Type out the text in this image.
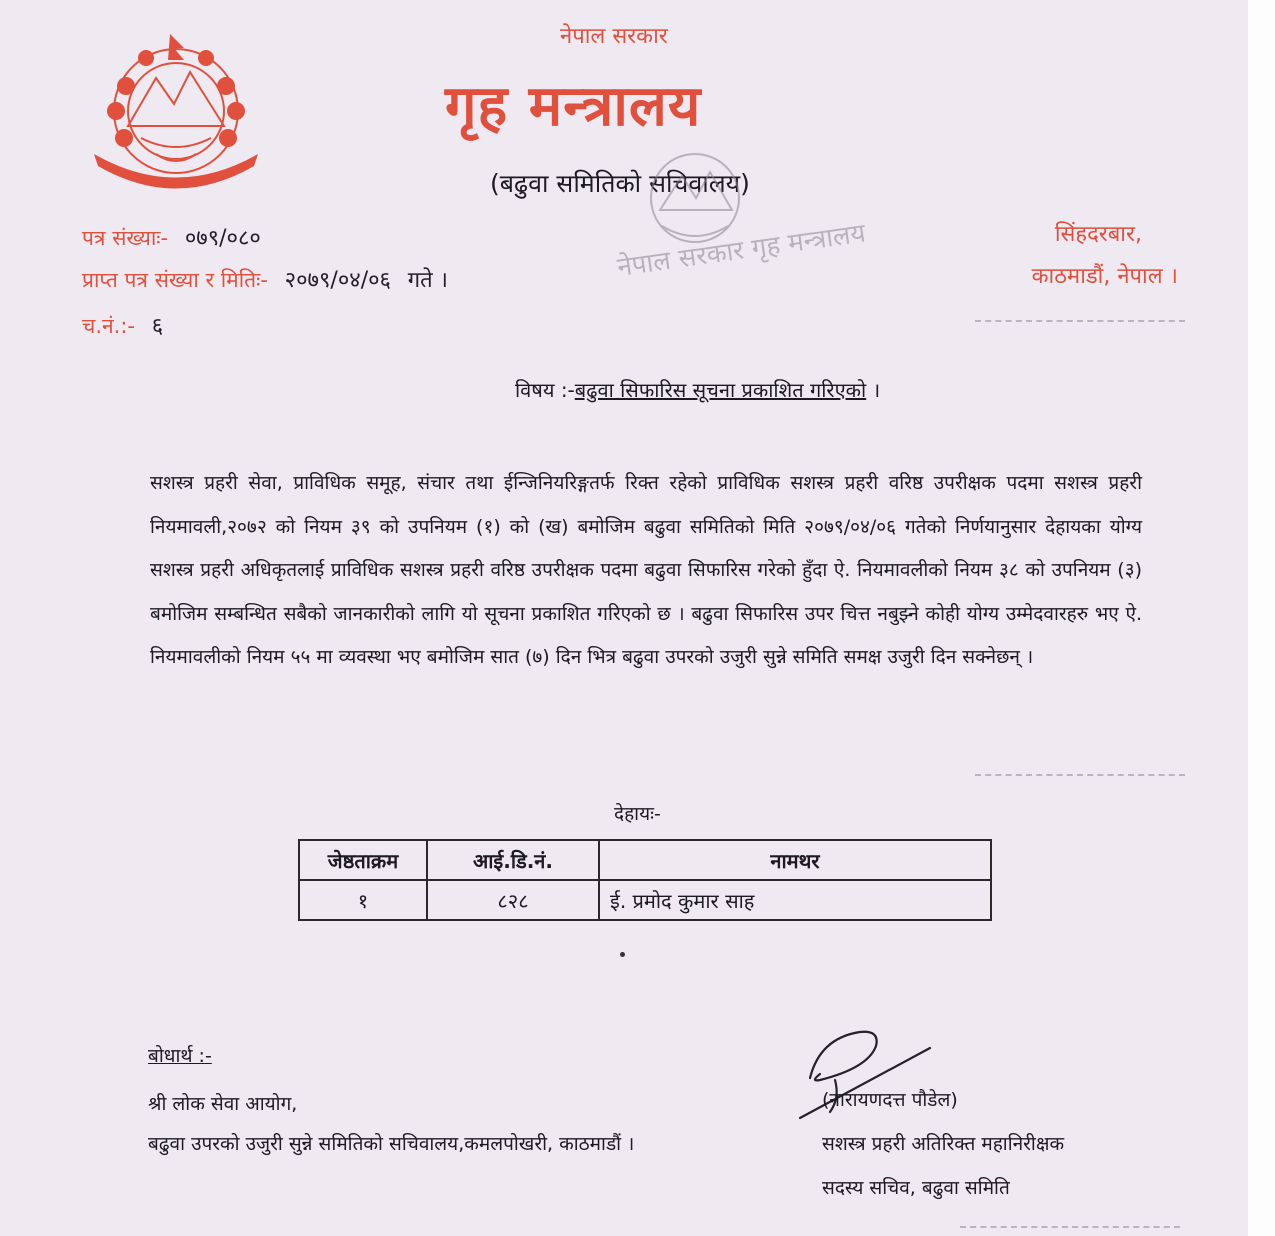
नेपाल सरकार
गृह मन्त्रालय
(बढुवा समितिको सचिवालय)
नेपाल सरकार गृह मन्त्रालय
पत्र संख्याः- ०७९/०८०
प्राप्त पत्र संख्या र मितिः- २०७९/०४/०६ गते ।
च.नं.:- ६
सिंहदरबार,
काठमाडौं, नेपाल ।
विषय :-बढुवा सिफारिस सूचना प्रकाशित गरिएको ।
सशस्त्र प्रहरी सेवा, प्राविधिक समूह, संचार तथा ईन्जिनियरिङ्गतर्फ रिक्त रहेको प्राविधिक सशस्त्र प्रहरी वरिष्ठ उपरीक्षक पदमा सशस्त्र प्रहरी नियमावली,२०७२ को नियम ३९ को उपनियम (१) को (ख) बमोजिम बढुवा समितिको मिति २०७९/०४/०६ गतेको निर्णयानुसार देहायका योग्य सशस्त्र प्रहरी अधिकृतलाई प्राविधिक सशस्त्र प्रहरी वरिष्ठ उपरीक्षक पदमा बढुवा सिफारिस गरेको हुँदा ऐ. नियमावलीको नियम ३८ को उपनियम (३) बमोजिम सम्बन्धित सबैको जानकारीको लागि यो सूचना प्रकाशित गरिएको छ । बढुवा सिफारिस उपर चित्त नबुझ्ने कोही योग्य उम्मेदवारहरु भए ऐ. नियमावलीको नियम ५५ मा व्यवस्था भए बमोजिम सात (७) दिन भित्र बढुवा उपरको उजुरी सुन्ने समिति समक्ष उजुरी दिन सक्नेछन् ।
देहायः-
जेष्ठताक्रम	आई.डि.नं.	नामथर
१	८२८	ई. प्रमोद कुमार साह
बोधार्थ :-
श्री लोक सेवा आयोग,
बढुवा उपरको उजुरी सुन्ने समितिको सचिवालय,कमलपोखरी, काठमाडौं ।
(नारायणदत्त पौडेल)
सशस्त्र प्रहरी अतिरिक्त महानिरीक्षक
सदस्य सचिव, बढुवा समिति
